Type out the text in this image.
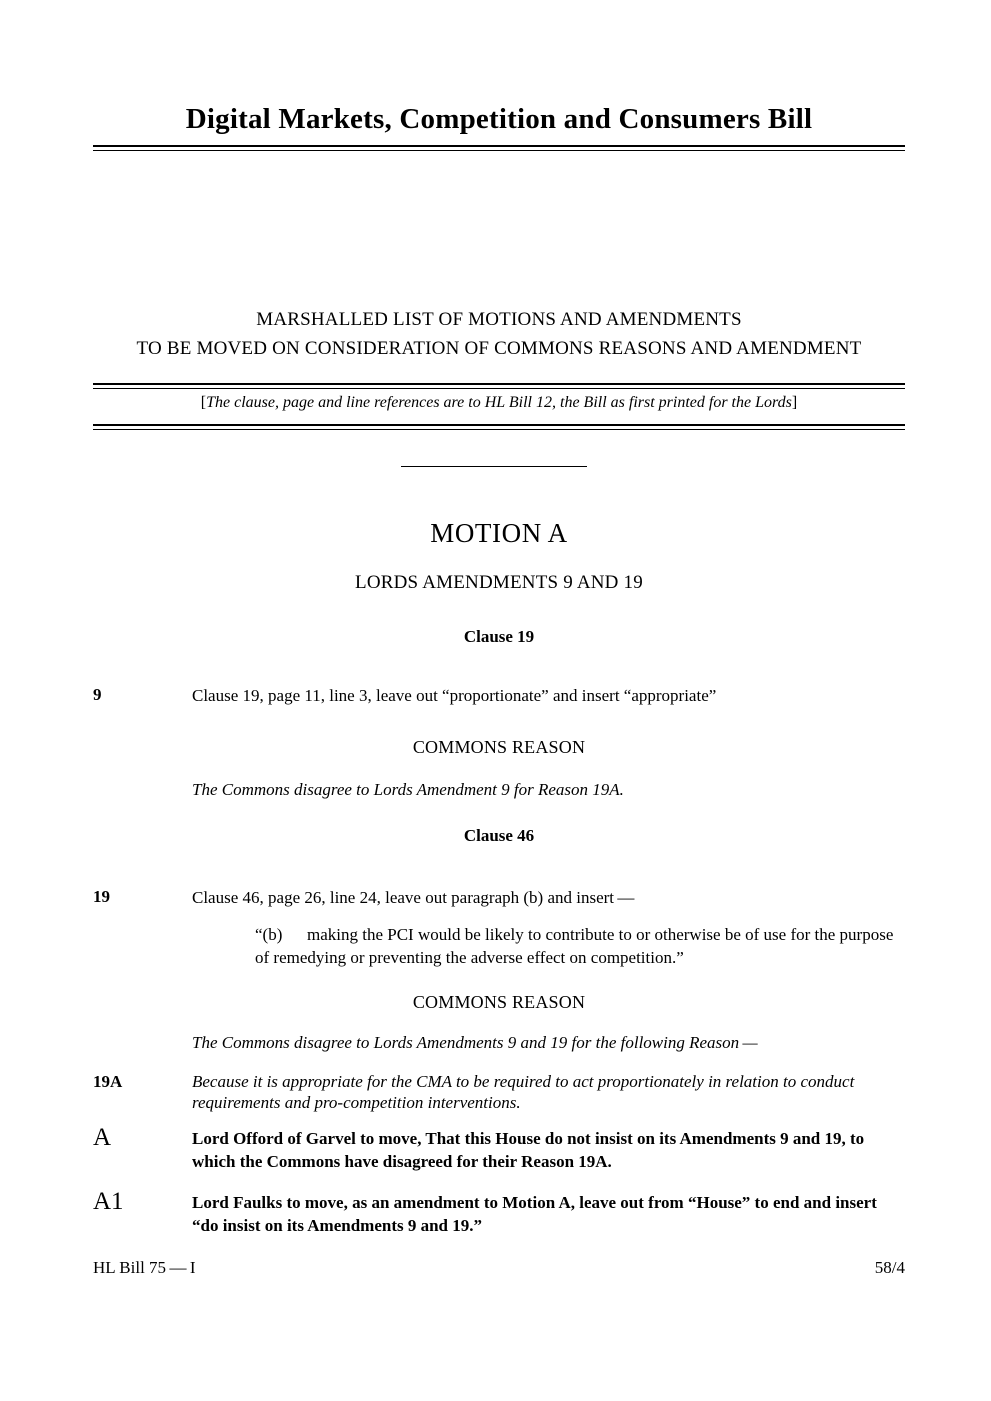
Digital Markets, Competition and Consumers Bill
MARSHALLED LIST OF MOTIONS AND AMENDMENTS
TO BE MOVED ON CONSIDERATION OF COMMONS REASONS AND AMENDMENT
[The clause, page and line references are to HL Bill 12, the Bill as first printed for the Lords]
MOTION A
LORDS AMENDMENTS 9 AND 19
Clause 19
9	Clause 19, page 11, line 3, leave out “proportionate” and insert “appropriate”
COMMONS REASON
The Commons disagree to Lords Amendment 9 for Reason 19A.
Clause 46
19	Clause 46, page 26, line 24, leave out paragraph (b) and insert —
“(b)	making the PCI would be likely to contribute to or otherwise be of use for the purpose of remedying or preventing the adverse effect on competition.”
COMMONS REASON
The Commons disagree to Lords Amendments 9 and 19 for the following Reason —
19A	Because it is appropriate for the CMA to be required to act proportionately in relation to conduct requirements and pro-competition interventions.
A	Lord Offord of Garvel to move, That this House do not insist on its Amendments 9 and 19, to which the Commons have disagreed for their Reason 19A.
A1	Lord Faulks to move, as an amendment to Motion A, leave out from “House” to end and insert “do insist on its Amendments 9 and 19.”
HL Bill 75 — I	58/4
